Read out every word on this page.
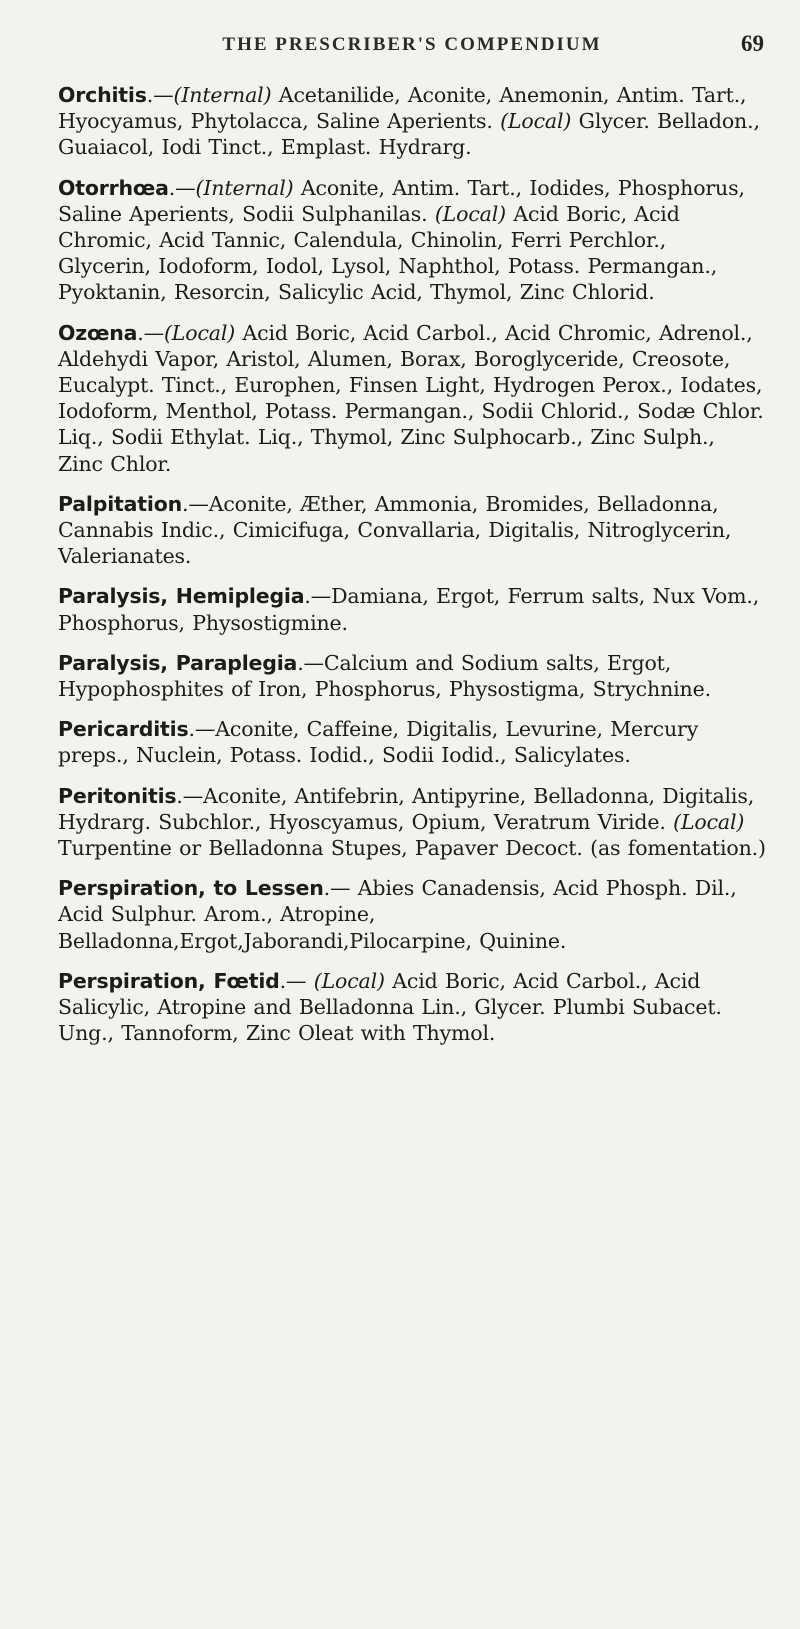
THE PRESCRIBER'S COMPENDIUM	69

Orchitis.—(Internal) Acetanilide, Aconite, Anemonin, Antim. Tart., Hyocyamus, Phytolacca, Saline Aperients. (Local) Glycer. Belladon., Guaiacol, Iodi Tinct., Emplast. Hydrarg.

Otorrhœa.—(Internal) Aconite, Antim. Tart., Iodides, Phosphorus, Saline Aperients, Sodii Sulphanilas. (Local) Acid Boric, Acid Chromic, Acid Tannic, Calendula, Chinolin, Ferri Perchlor., Glycerin, Iodoform, Iodol, Lysol, Naphthol, Potass. Permangan., Pyoktanin, Resorcin, Salicylic Acid, Thymol, Zinc Chlorid.

Ozœna.—(Local) Acid Boric, Acid Carbol., Acid Chromic, Adrenol., Aldehydi Vapor, Aristol, Alumen, Borax, Boroglyceride, Creosote, Eucalypt. Tinct., Europhen, Finsen Light, Hydrogen Perox., Iodates, Iodoform, Menthol, Potass. Permangan., Sodii Chlorid., Sodæ Chlor. Liq., Sodii Ethylat. Liq., Thymol, Zinc Sulphocarb., Zinc Sulph., Zinc Chlor.

Palpitation.—Aconite, Æther, Ammonia, Bromides, Belladonna, Cannabis Indic., Cimicifuga, Convallaria, Digitalis, Nitroglycerin, Valerianates.

Paralysis, Hemiplegia.—Damiana, Ergot, Ferrum salts, Nux Vom., Phosphorus, Physostigmine.

Paralysis, Paraplegia.—Calcium and Sodium salts, Ergot, Hypophosphites of Iron, Phosphorus, Physostigma, Strychnine.

Pericarditis.—Aconite, Caffeine, Digitalis, Levurine, Mercury preps., Nuclein, Potass. Iodid., Sodii Iodid., Salicylates.

Peritonitis.—Aconite, Antifebrin, Antipyrine, Belladonna, Digitalis, Hydrarg. Subchlor., Hyoscyamus, Opium, Veratrum Viride. (Local) Turpentine or Belladonna Stupes, Papaver Decoct. (as fomentation.)

Perspiration, to Lessen.— Abies Canadensis, Acid Phosph. Dil., Acid Sulphur. Arom., Atropine, Belladonna,Ergot,Jaborandi,Pilocarpine, Quinine.

Perspiration, Fœtid.— (Local) Acid Boric, Acid Carbol., Acid Salicylic, Atropine and Belladonna Lin., Glycer. Plumbi Subacet. Ung., Tannoform, Zinc Oleat with Thymol.
